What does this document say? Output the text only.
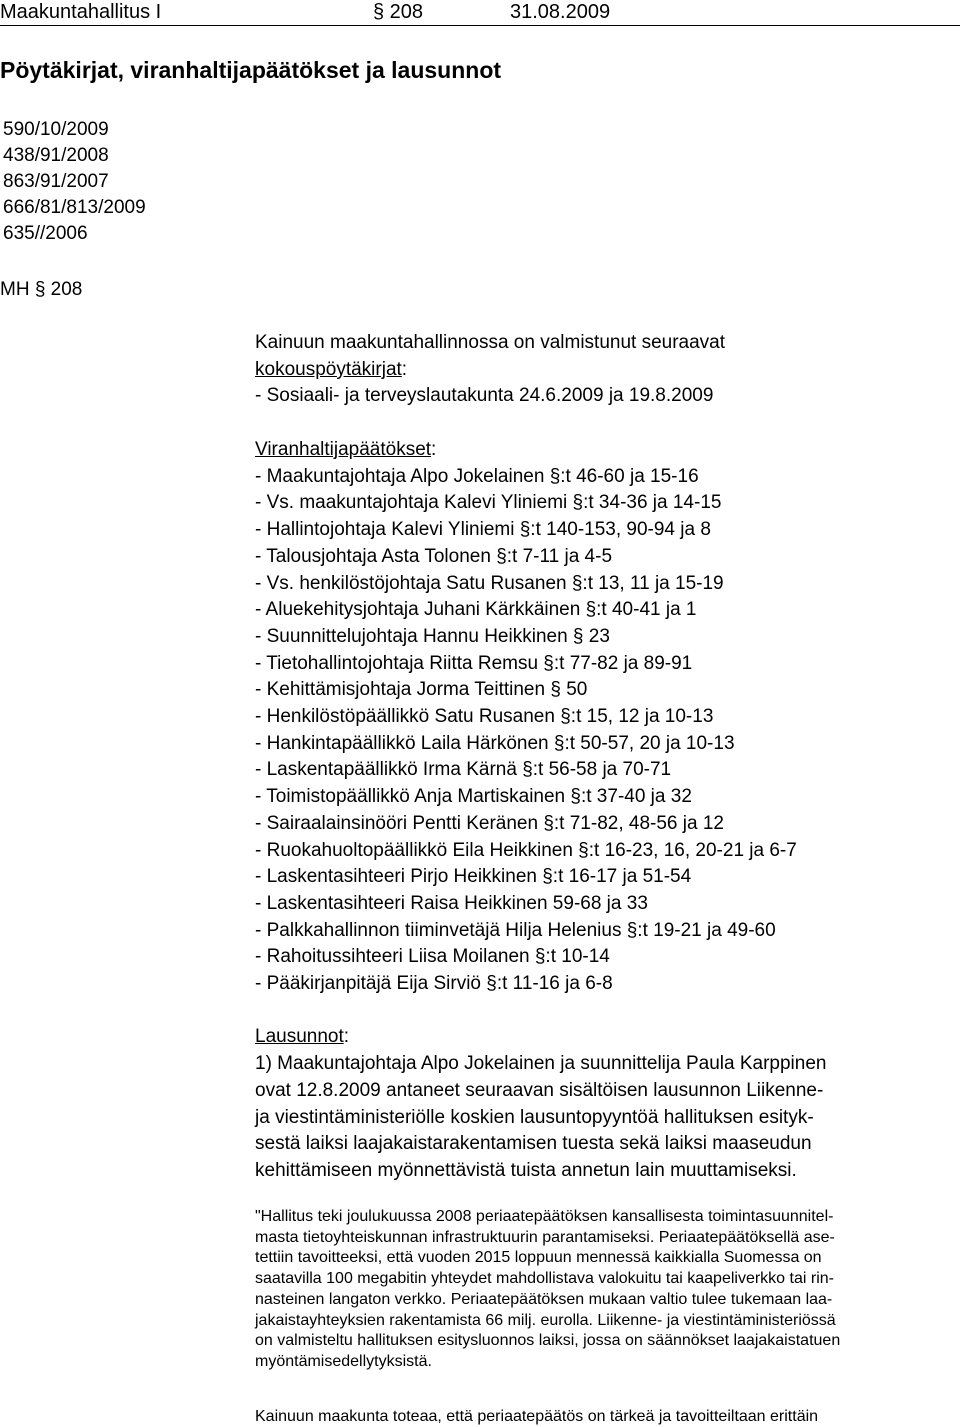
Maakuntahallitus I	§ 208	31.08.2009
Pöytäkirjat, viranhaltijapäätökset ja lausunnot
590/10/2009
438/91/2008
863/91/2007
666/81/813/2009
635//2006
MH § 208
Kainuun maakuntahallinnossa on valmistunut seuraavat
kokouspöytäkirjat:
- Sosiaali- ja terveyslautakunta 24.6.2009 ja 19.8.2009
Viranhaltijapäätökset:
- Maakuntajohtaja Alpo Jokelainen §:t 46-60 ja 15-16
- Vs. maakuntajohtaja Kalevi Yliniemi §:t 34-36 ja 14-15
- Hallintojohtaja Kalevi Yliniemi §:t 140-153, 90-94 ja 8
- Talousjohtaja Asta Tolonen §:t 7-11 ja 4-5
- Vs. henkilöstöjohtaja Satu Rusanen §:t 13, 11 ja 15-19
- Aluekehitysjohtaja Juhani Kärkkäinen §:t 40-41 ja 1
- Suunnittelujohtaja Hannu Heikkinen § 23
- Tietohallintojohtaja Riitta Remsu §:t 77-82 ja 89-91
- Kehittämisjohtaja Jorma Teittinen § 50
- Henkilöstöpäällikkö Satu Rusanen §:t 15, 12 ja 10-13
- Hankintapäällikkö Laila Härkönen §:t 50-57, 20 ja 10-13
- Laskentapäällikkö Irma Kärnä §:t 56-58 ja 70-71
- Toimistopäällikkö Anja Martiskainen §:t 37-40 ja 32
- Sairaalainsinööri Pentti Keränen §:t 71-82, 48-56 ja 12
- Ruokahuoltopäällikkö Eila Heikkinen §:t 16-23, 16, 20-21 ja 6-7
- Laskentasihteeri Pirjo Heikkinen §:t 16-17 ja 51-54
- Laskentasihteeri Raisa Heikkinen 59-68 ja 33
- Palkkahallinnon tiiminvetäjä Hilja Helenius §:t 19-21 ja 49-60
- Rahoitussihteeri Liisa Moilanen §:t 10-14
- Pääkirjanpitäjä Eija Sirviö §:t 11-16 ja 6-8
Lausunnot:
1) Maakuntajohtaja Alpo Jokelainen ja suunnittelija Paula Karppinen
ovat 12.8.2009 antaneet seuraavan sisältöisen lausunnon Liikenne-
ja viestintäministeriölle koskien lausuntopyyntöä hallituksen esityk-
sestä laiksi laajakaistarakentamisen tuesta sekä laiksi maaseudun
kehittämiseen myönnettävistä tuista annetun lain muuttamiseksi.
"Hallitus teki joulukuussa 2008 periaatepäätöksen kansallisesta toimintasuunnitel-
masta tietoyhteiskunnan infrastruktuurin parantamiseksi. Periaatepäätöksellä ase-
tettiin tavoitteeksi, että vuoden 2015 loppuun mennessä kaikkialla Suomessa on
saatavilla 100 megabitin yhteydet mahdollistava valokuitu tai kaapeliverkko tai rin-
nasteinen langaton verkko. Periaatepäätöksen mukaan valtio tulee tukemaan laa-
jakaistayhteyksien rakentamista 66 milj. eurolla. Liikenne- ja viestintäministeriössä
on valmisteltu hallituksen esitysluonnos laiksi, jossa on säännökset laajakaistatuen
myöntämisedellytyksistä.
Kainuun maakunta toteaa, että periaatepäätös on tärkeä ja tavoitteiltaan erittäin
